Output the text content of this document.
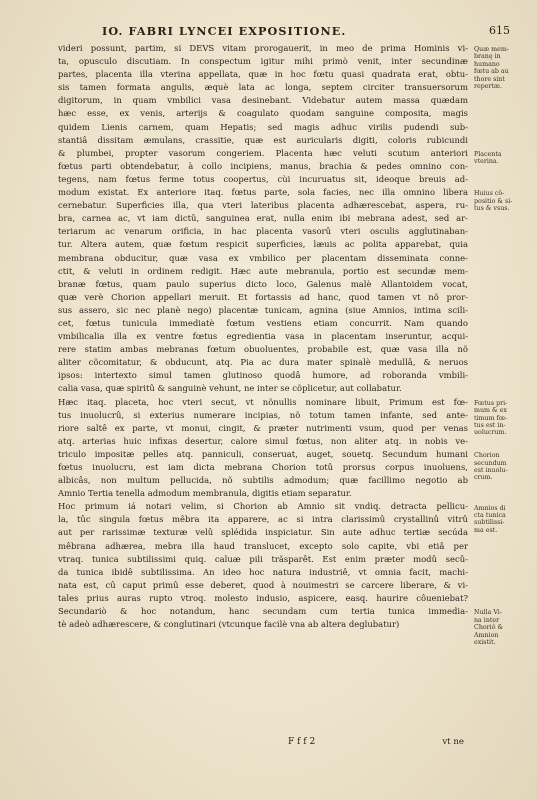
IO. FABRI LYNCEI EXPOSITIONE.	615
videri possunt, partim, si DEVS vitam prorogauerit, in meo de prima Hominis vi-
ta, opusculo discutiam. In conspectum igitur mihi primò venit, inter secundinæ
partes, placenta illa vterina appellata, quæ in hoc fœtu quasi quadrata erat, obtu-
sis tamen formata angulis, æquè lata ac longa, septem circiter transuersorum
digitorum, in quam vmbilici vasa desinebant. Videbatur autem massa quædam
hæc esse, ex venis, arterijs & coagulato quodam sanguine composita, magis
quidem Lienis carnem, quam Hepatis; sed magis adhuc virilis pudendi sub-
stantiâ dissitam æmulans, crassitie, quæ est auricularis digiti, coloris rubicundi
& plumbei, propter vasorum congeriem. Placenta hæc veluti scutum anteriori
fœtus parti obtendebatur, à collo incipiens, manus, brachia & pedes omnino con-
tegens, nam fœtus ferme totus coopertus, cùi incuruatus sit, ideoque breuis ad-
modum existat. Ex anteriore itaq. fœtus parte, sola facies, nec illa omnino libera
cernebatur. Superficies illa, qua vteri lateribus placenta adhærescebat, aspera, ru-
bra, carnea ac, vt iam dictû, sanguinea erat, nulla enim ibi mebrana adest, sed ar-
teriarum ac venarum orificia, in hac placenta vasorû vteri osculis agglutinaban-
tur. Altera autem, quæ fœtum respicit superficies, læuis ac polita apparebat, quia
membrana obducitur, quæ vasa ex vmbilico per placentam disseminata conne-
ctit, & veluti in ordinem redigit. Hæc aute mebranula, portio est secundæ mem-
branæ fœtus, quam paulo superius dicto loco, Galenus malè Allantoidem vocat,
quæ verè Chorion appellari meruit. Et fortassis ad hanc, quod tamen vt nõ pror-
sus assero, sic nec planè nego) placentæ tunicam, agnina (siue Amnios, intima scili-
cet, fœtus tunicula immediatè fœtum vestiens etiam concurrit. Nam quando
vmbilicalia illa ex ventre fœtus egredientia vasa in placentam inseruntur, acqui-
rere statim ambas mebranas fœtum obuoluentes, probabile est, quæ vasa illa nõ
aliter cõcomitatur, & obducunt, atq. Pia ac dura mater spinalè medullâ, & neruos
ipsos: intertexto simul tamen glutinoso quodâ humore, ad roboranda vmbili-
calia vasa, quæ spiritû & sanguinè vehunt, ne inter se cõplicetur, aut collabatur.
Hæc itaq. placeta, hoc vteri secut, vt nõnullis nominare libuit, Primum est fœ-
tus inuolucrû, si exterius numerare incipias, nõ totum tamen infante, sed ante-
riore saltê ex parte, vt monui, cingit, & præter nutrimenti vsum, quod per venas
atq. arterias huic infixas desertur, calore simul fœtus, non aliter atq. in nobis ve-
triculo impositæ pelles atq. panniculi, conseruat, auget, souetq. Secundum humani
fœtus inuolucru, est iam dicta mebrana Chorion totû prorsus corpus inuoluens,
albicâs, non multum pellucida, nõ subtilis admodum; quæ facillimo negotio ab
Amnio Tertia tenella admodum membranula, digitis etiam separatur.
Hoc primum iá notari velim, si Chorion ab Amnio sit vndiq. detracta pellicu-
la, tûc singula fœtus mêbra ita apparere, ac si intra clarissimû crystallinû vitrû
aut per rarissimæ texturæ velû splédida inspiciatur. Sin aute adhuc tertiæ secúda
mêbrana adhærea, mebra illa haud translucet, excepto solo capite, vbi etiâ per
vtraq. tunica subtilissimi quiq. caluæ pili trãsparêt. Est enim præter modû secû-
da tunica ibidê subtilissima. An ideo hoc natura industriê, vt omnia facit, machi-
nata est, cû caput primû esse deberet, quod à nouimestri se carcere liberare, & vi-
tales prius auras rupto vtroq. molesto indusio, aspicere, easq. haurire côueniebat?
Secundariò & hoc notandum, hanc secundam cum tertia tunica immedia-
tè adeò adhærescere, & conglutinari (vtcunque facilè vna ab altera deglubatur)
Quæ mem-
branę in
humano
fœtu ab au
thore sint
repertæ.
Placenta
vterina.
Huius cô-
positio & si-
tus & vsus.
Fœtus pri-
mum & ex
timum fœ-
tus est in-
uolucrum.
Chorion
secundum
est inuolu-
crum.
Amnios di
cta tunica
subtilissi-
ma est.
Nulla Vi-
na inter
Choriô &
Amnion
existit.
F f f 2	vt ne
